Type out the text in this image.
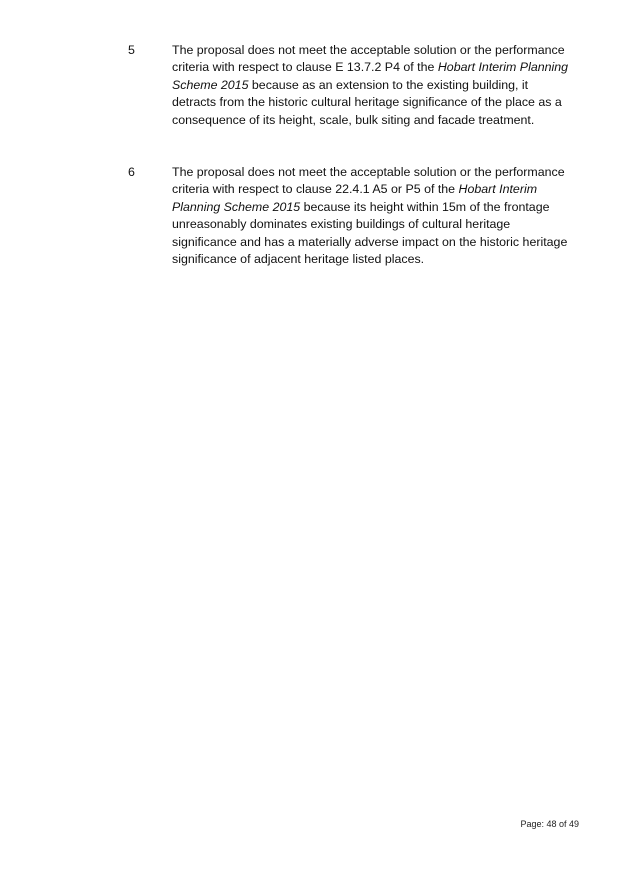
5	The proposal does not meet the acceptable solution or the performance criteria with respect to clause E 13.7.2 P4 of the Hobart Interim Planning Scheme 2015 because as an extension to the existing building, it detracts from the historic cultural heritage significance of the place as a consequence of its height, scale, bulk siting and facade treatment.

6	The proposal does not meet the acceptable solution or the performance criteria with respect to clause 22.4.1 A5 or P5 of the Hobart Interim Planning Scheme 2015 because its height within 15m of the frontage unreasonably dominates existing buildings of cultural heritage significance and has a materially adverse impact on the historic heritage significance of adjacent heritage listed places.

Page: 48 of 49
